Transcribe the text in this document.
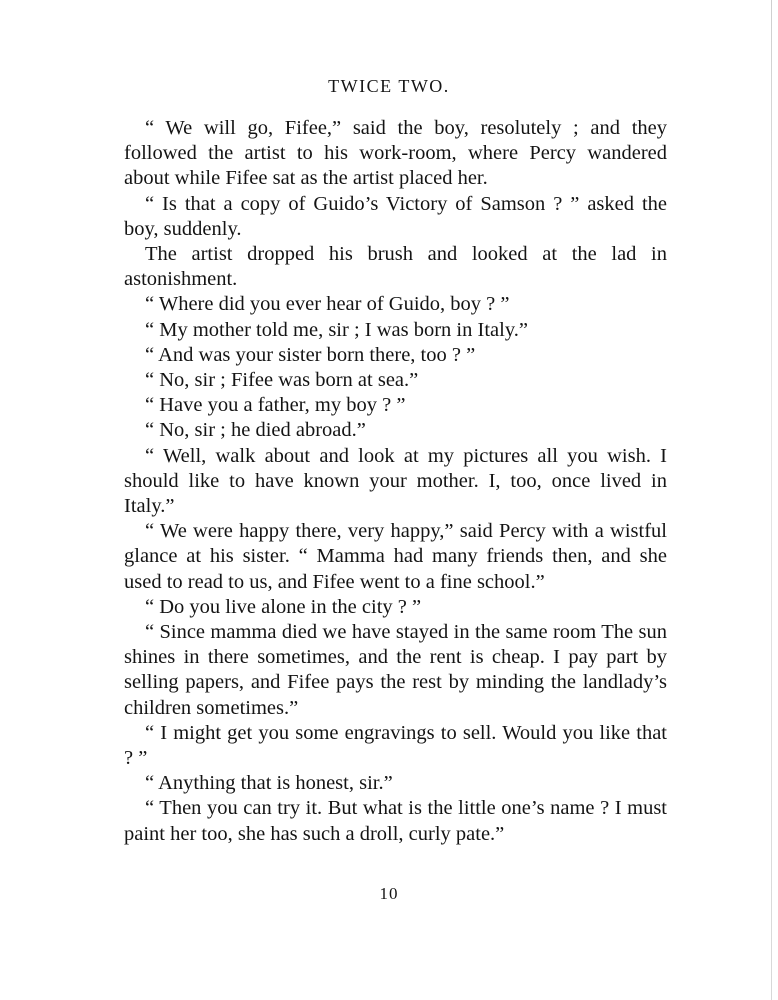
TWICE TWO.

“ We will go, Fifee,” said the boy, resolutely ; and they followed the artist to his work-room, where Percy wandered about while Fifee sat as the artist placed her.

“ Is that a copy of Guido’s Victory of Samson ? ” asked the boy, suddenly.

The artist dropped his brush and looked at the lad in astonishment.

“ Where did you ever hear of Guido, boy ? ”

“ My mother told me, sir ; I was born in Italy.”

“ And was your sister born there, too ? ”

“ No, sir ; Fifee was born at sea.”

“ Have you a father, my boy ? ”

“ No, sir ; he died abroad.”

“ Well, walk about and look at my pictures all you wish. I should like to have known your mother. I, too, once lived in Italy.”

“ We were happy there, very happy,” said Percy with a wistful glance at his sister. “ Mamma had many friends then, and she used to read to us, and Fifee went to a fine school.”

“ Do you live alone in the city ? ”

“ Since mamma died we have stayed in the same room The sun shines in there sometimes, and the rent is cheap. I pay part by selling papers, and Fifee pays the rest by minding the landlady’s children sometimes.”

“ I might get you some engravings to sell. Would you like that ? ”

“ Anything that is honest, sir.”

“ Then you can try it. But what is the little one’s name ? I must paint her too, she has such a droll, curly pate.”

10
